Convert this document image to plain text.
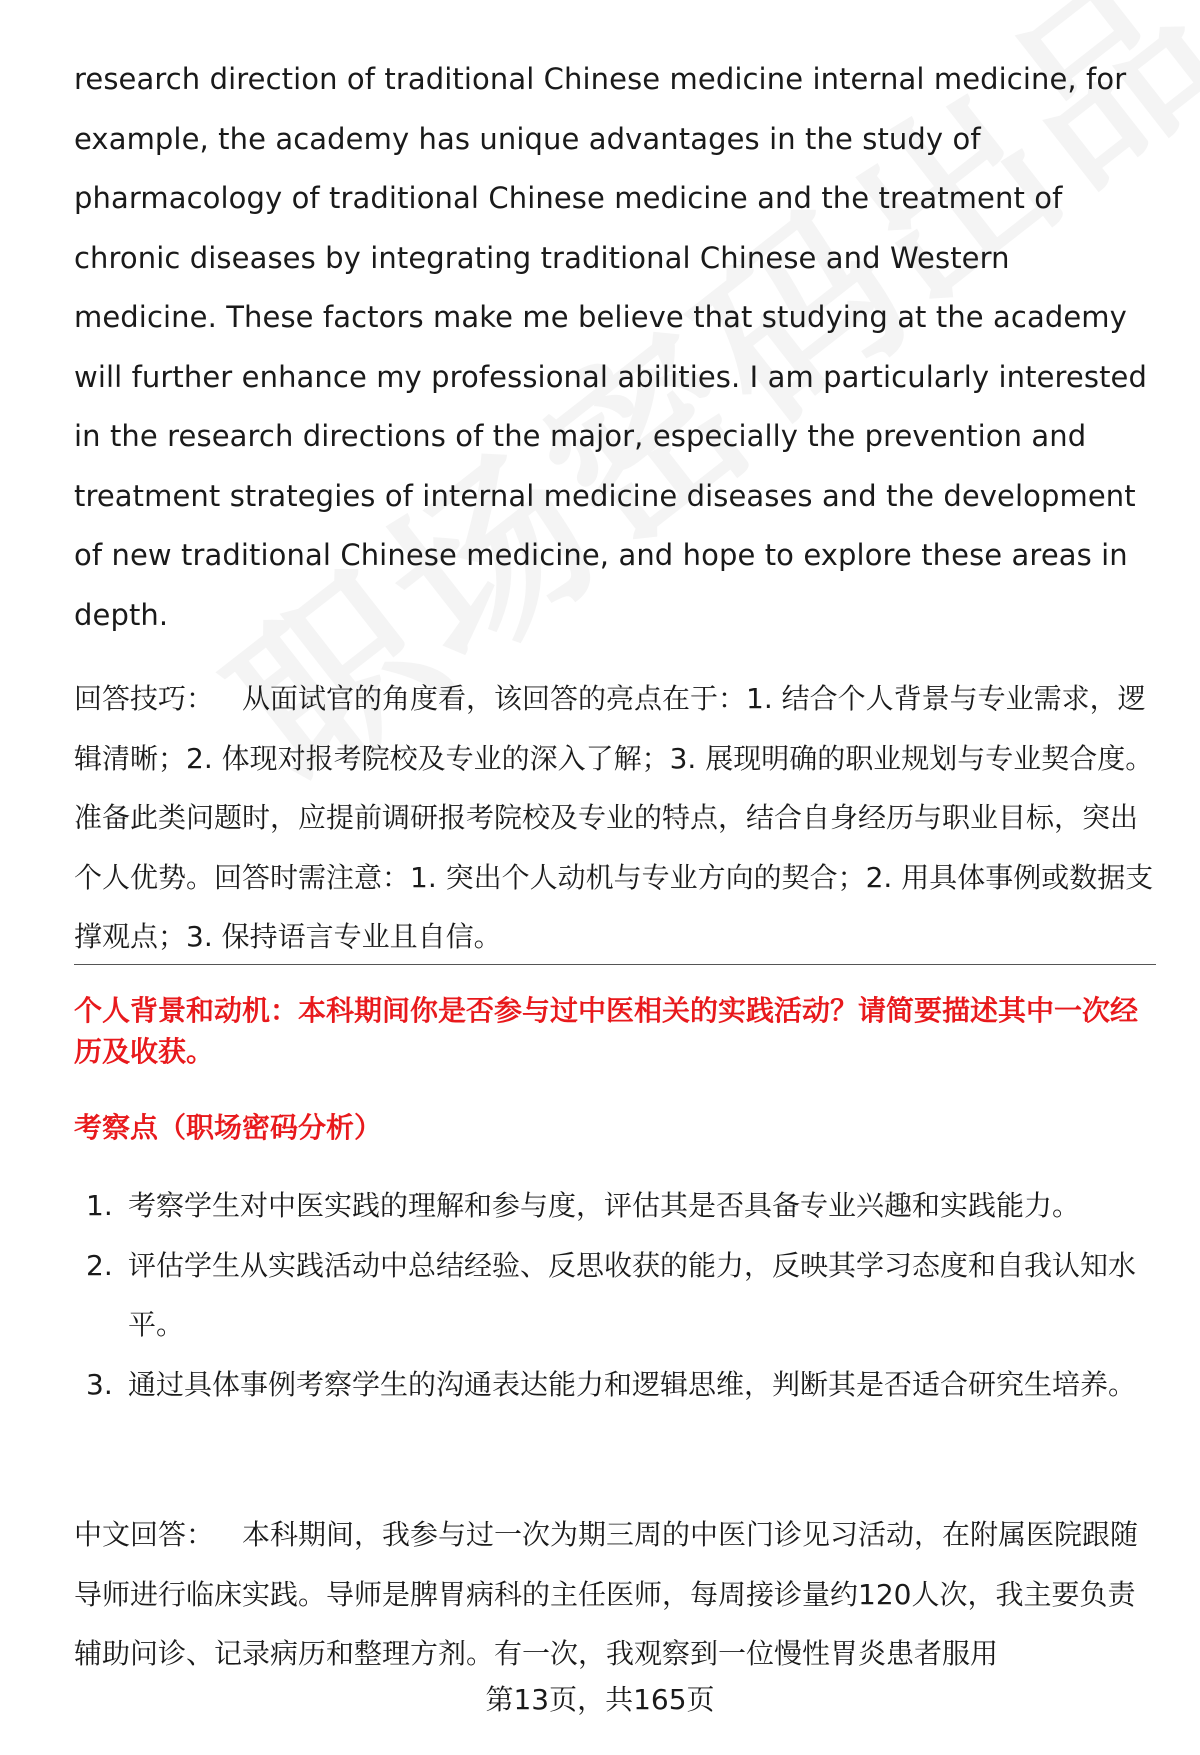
research direction of traditional Chinese medicine internal medicine, for example, the academy has unique advantages in the study of pharmacology of traditional Chinese medicine and the treatment of chronic diseases by integrating traditional Chinese and Western medicine. These factors make me believe that studying at the academy will further enhance my professional abilities. I am particularly interested in the research directions of the major, especially the prevention and treatment strategies of internal medicine diseases and the development of new traditional Chinese medicine, and hope to explore these areas in depth.

回答技巧： 从面试官的角度看，该回答的亮点在于：1. 结合个人背景与专业需求，逻辑清晰；2. 体现对报考院校及专业的深入了解；3. 展现明确的职业规划与专业契合度。准备此类问题时，应提前调研报考院校及专业的特点，结合自身经历与职业目标，突出个人优势。回答时需注意：1. 突出个人动机与专业方向的契合；2. 用具体事例或数据支撑观点；3. 保持语言专业且自信。

个人背景和动机：本科期间你是否参与过中医相关的实践活动？请简要描述其中一次经历及收获。

考察点（职场密码分析）

1. 考察学生对中医实践的理解和参与度，评估其是否具备专业兴趣和实践能力。
2. 评估学生从实践活动中总结经验、反思收获的能力，反映其学习态度和自我认知水平。
3. 通过具体事例考察学生的沟通表达能力和逻辑思维，判断其是否适合研究生培养。

中文回答： 本科期间，我参与过一次为期三周的中医门诊见习活动，在附属医院跟随导师进行临床实践。导师是脾胃病科的主任医师，每周接诊量约120人次，我主要负责辅助问诊、记录病历和整理方剂。有一次，我观察到一位慢性胃炎患者服用

第13页，共165页
